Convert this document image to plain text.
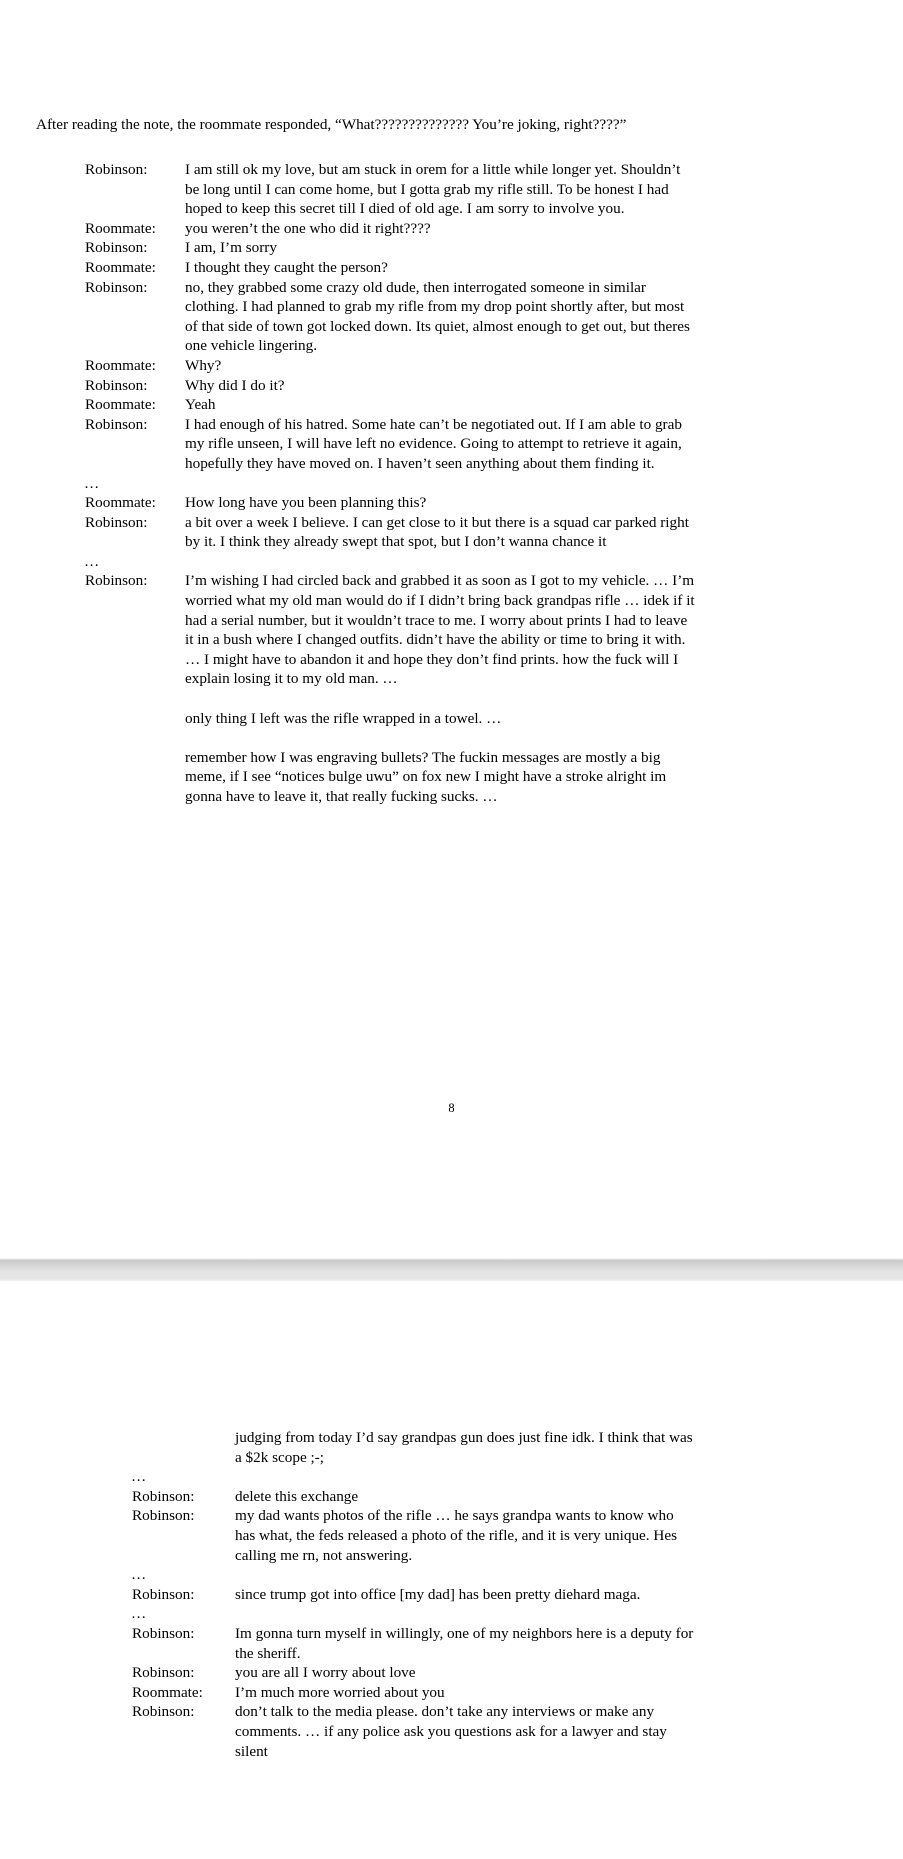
After reading the note, the roommate responded, “What?????????????? You’re joking, right????”

Robinson:	I am still ok my love, but am stuck in orem for a little while longer yet. Shouldn’t be long until I can come home, but I gotta grab my rifle still. To be honest I had hoped to keep this secret till I died of old age. I am sorry to involve you.
Roommate:	you weren’t the one who did it right????
Robinson:	I am, I’m sorry
Roommate:	I thought they caught the person?
Robinson:	no, they grabbed some crazy old dude, then interrogated someone in similar clothing. I had planned to grab my rifle from my drop point shortly after, but most of that side of town got locked down. Its quiet, almost enough to get out, but theres one vehicle lingering.
Roommate:	Why?
Robinson:	Why did I do it?
Roommate:	Yeah
Robinson:	I had enough of his hatred. Some hate can’t be negotiated out. If I am able to grab my rifle unseen, I will have left no evidence. Going to attempt to retrieve it again, hopefully they have moved on. I haven’t seen anything about them finding it.
…
Roommate:	How long have you been planning this?
Robinson:	a bit over a week I believe. I can get close to it but there is a squad car parked right by it. I think they already swept that spot, but I don’t wanna chance it
…
Robinson:	I’m wishing I had circled back and grabbed it as soon as I got to my vehicle. … I’m worried what my old man would do if I didn’t bring back grandpas rifle … idek if it had a serial number, but it wouldn’t trace to me. I worry about prints I had to leave it in a bush where I changed outfits. didn’t have the ability or time to bring it with. … I might have to abandon it and hope they don’t find prints. how the fuck will I explain losing it to my old man. …
only thing I left was the rifle wrapped in a towel. …
remember how I was engraving bullets? The fuckin messages are mostly a big meme, if I see “notices bulge uwu” on fox new I might have a stroke alright im gonna have to leave it, that really fucking sucks. …
8
judging from today I’d say grandpas gun does just fine idk. I think that was a $2k scope ;-;
…
Robinson:	delete this exchange
Robinson:	my dad wants photos of the rifle … he says grandpa wants to know who has what, the feds released a photo of the rifle, and it is very unique. Hes calling me rn, not answering.
…
Robinson:	since trump got into office [my dad] has been pretty diehard maga.
…
Robinson:	Im gonna turn myself in willingly, one of my neighbors here is a deputy for the sheriff.
Robinson:	you are all I worry about love
Roommate:	I’m much more worried about you
Robinson:	don’t talk to the media please. don’t take any interviews or make any comments. … if any police ask you questions ask for a lawyer and stay silent
